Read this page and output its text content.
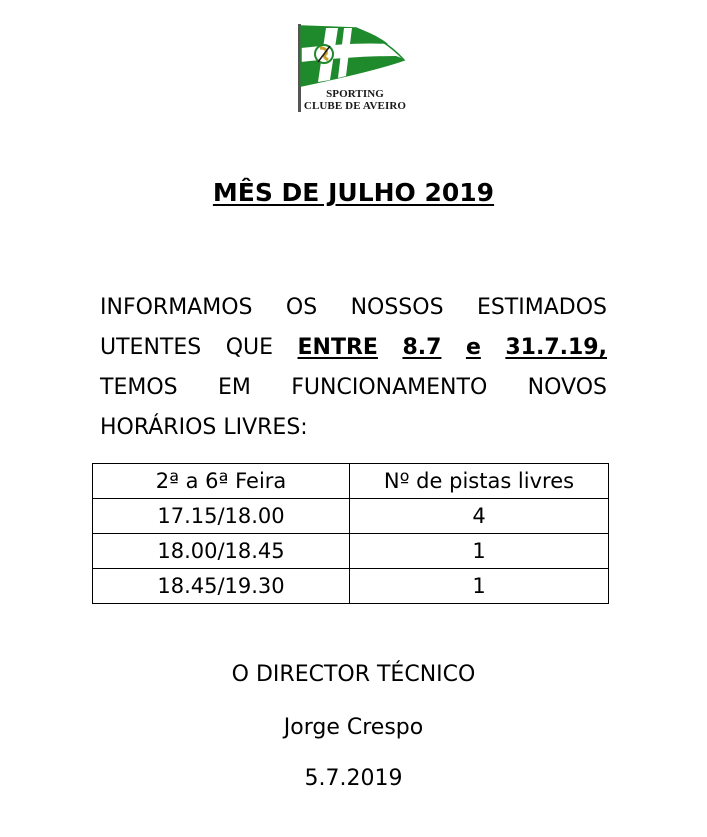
SPORTING
CLUBE DE AVEIRO
MÊS DE JULHO 2019
INFORMAMOS OS NOSSOS ESTIMADOS
UTENTES QUE ENTRE 8.7 e 31.7.19,
TEMOS EM FUNCIONAMENTO NOVOS
HORÁRIOS LIVRES:
2ª a 6ª Feira	Nº de pistas livres
17.15/18.00	4
18.00/18.45	1
18.45/19.30	1
O DIRECTOR TÉCNICO
Jorge Crespo
5.7.2019
